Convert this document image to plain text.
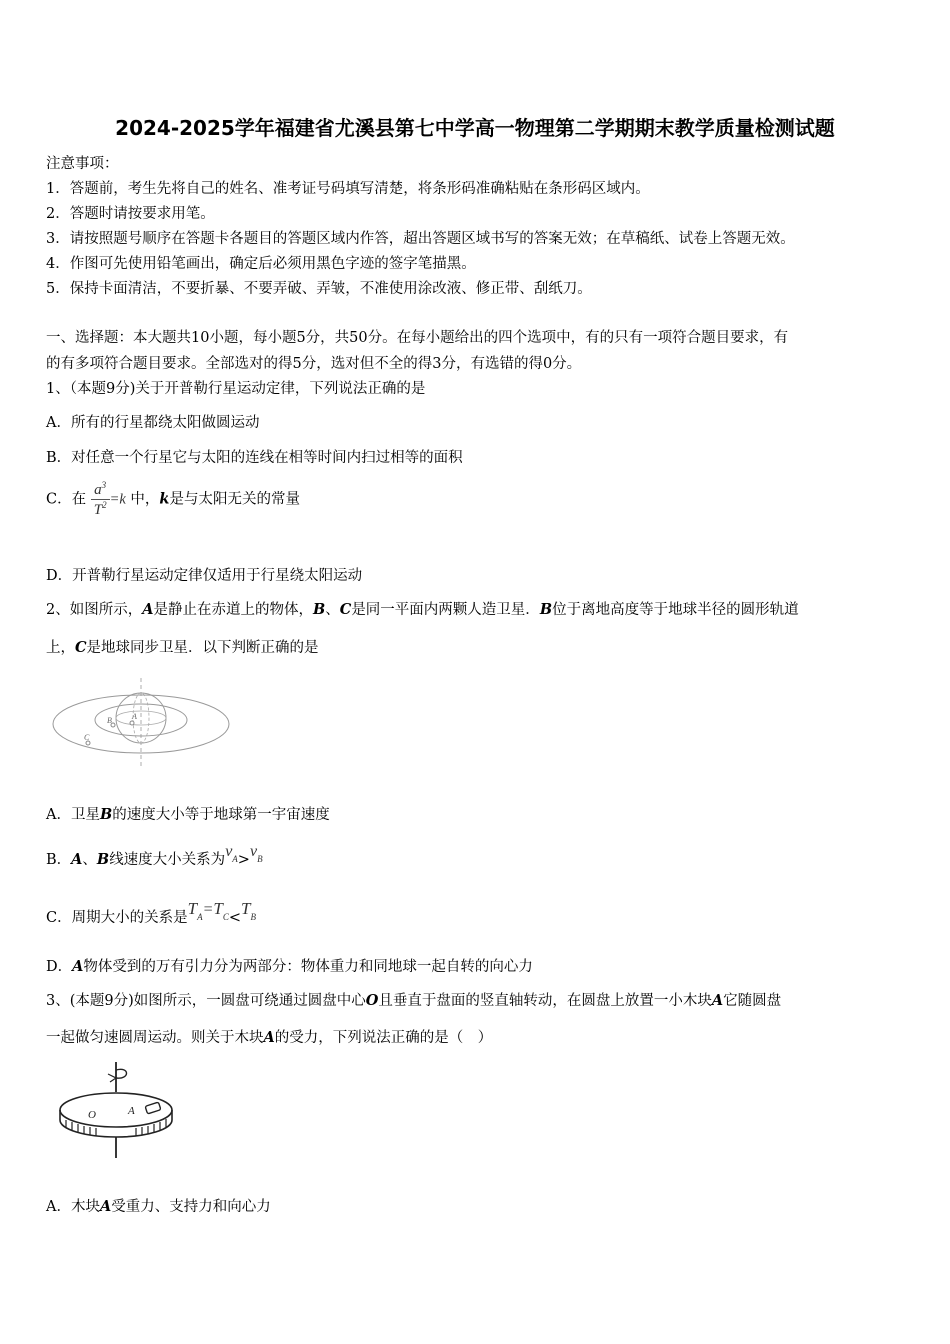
2024-2025学年福建省尤溪县第七中学高一物理第二学期期末教学质量检测试题
注意事项：
1．答题前，考生先将自己的姓名、准考证号码填写清楚，将条形码准确粘贴在条形码区域内。
2．答题时请按要求用笔。
3．请按照题号顺序在答题卡各题目的答题区域内作答，超出答题区域书写的答案无效；在草稿纸、试卷上答题无效。
4．作图可先使用铅笔画出，确定后必须用黑色字迹的签字笔描黑。
5．保持卡面清洁，不要折暴、不要弄破、弄皱，不准使用涂改液、修正带、刮纸刀。
一、选择题：本大题共10小题，每小题5分，共50分。在每小题给出的四个选项中，有的只有一项符合题目要求，有
的有多项符合题目要求。全部选对的得5分，选对但不全的得3分，有选错的得0分。
1、（本题9分)关于开普勒行星运动定律，下列说法正确的是
A．所有的行星都绕太阳做圆运动
B．对任意一个行星它与太阳的连线在相等时间内扫过相等的面积
C．在 $\frac{a^3}{T^2} =k$ 中，k是与太阳无关的常量
D．开普勒行星运动定律仅适用于行星绕太阳运动
2、如图所示，A是静止在赤道上的物体，B、C是同一平面内两颗人造卫星．B位于离地高度等于地球半径的圆形轨道
上，C是地球同步卫星．以下判断正确的是
A
B
C
A．卫星B的速度大小等于地球第一宇宙速度
B．A、B线速度大小关系为$v_A>v_B$
C．周期大小的关系是$T_A=T_C<T_B$
D．A物体受到的万有引力分为两部分：物体重力和同地球一起自转的向心力
3、(本题9分)如图所示，一圆盘可绕通过圆盘中心O且垂直于盘面的竖直轴转动，在圆盘上放置一小木块A它随圆盘
一起做匀速圆周运动。则关于木块A的受力，下列说法正确的是（　）
O	A
A．木块A受重力、支持力和向心力
